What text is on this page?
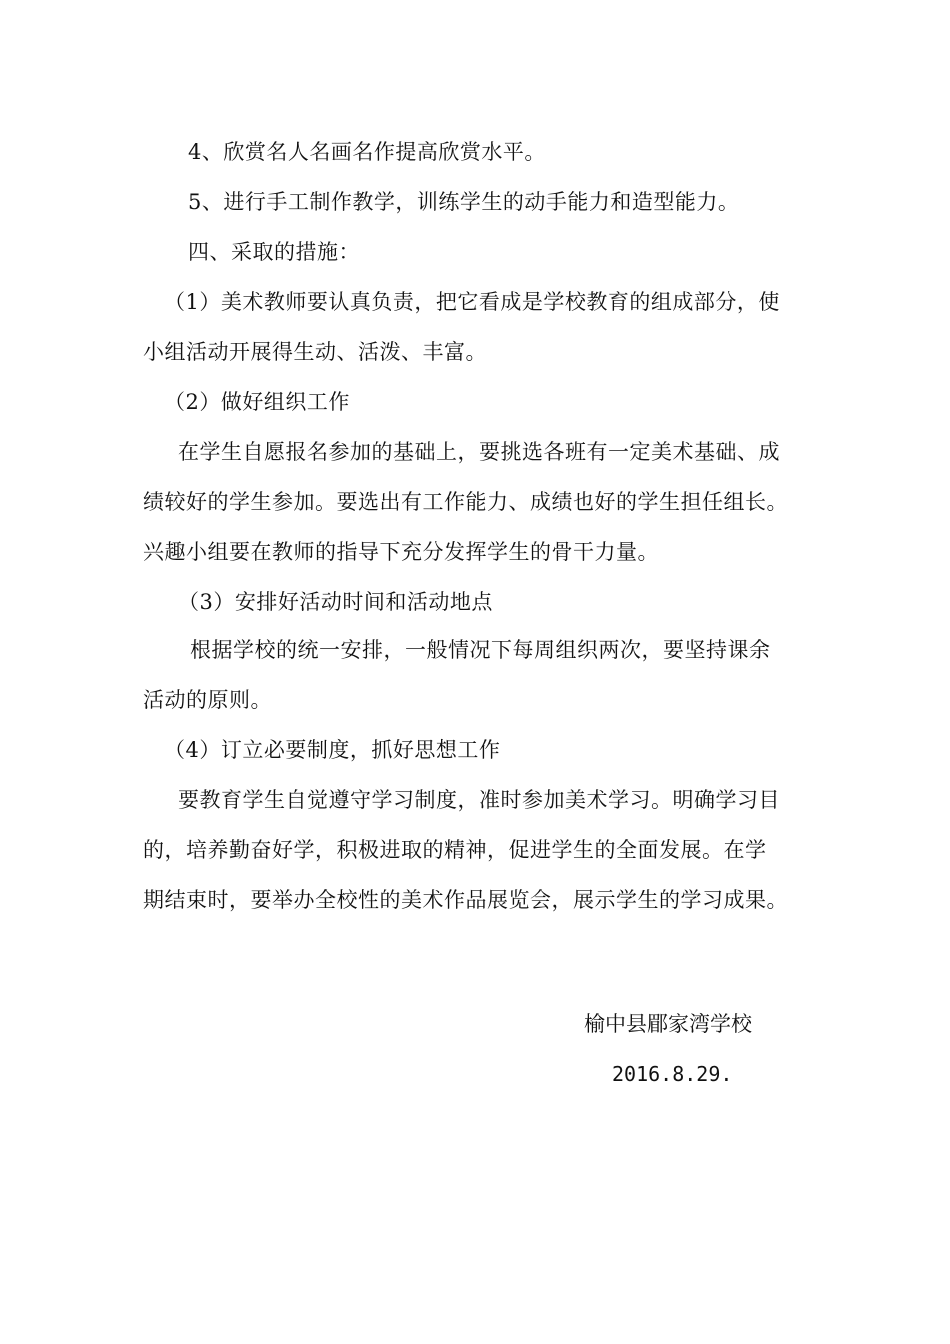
4、欣赏名人名画名作提高欣赏水平。
5、进行手工制作教学，训练学生的动手能力和造型能力。
四、采取的措施：
（1）美术教师要认真负责，把它看成是学校教育的组成部分，使
小组活动开展得生动、活泼、丰富。
（2）做好组织工作
在学生自愿报名参加的基础上，要挑选各班有一定美术基础、成
绩较好的学生参加。要选出有工作能力、成绩也好的学生担任组长。
兴趣小组要在教师的指导下充分发挥学生的骨干力量。
（3）安排好活动时间和活动地点
根据学校的统一安排，一般情况下每周组织两次，要坚持课余
活动的原则。
（4）订立必要制度，抓好思想工作
要教育学生自觉遵守学习制度，准时参加美术学习。明确学习目
的，培养勤奋好学，积极进取的精神，促进学生的全面发展。在学
期结束时，要举办全校性的美术作品展览会，展示学生的学习成果。
榆中县郿家湾学校
2016.8.29.
